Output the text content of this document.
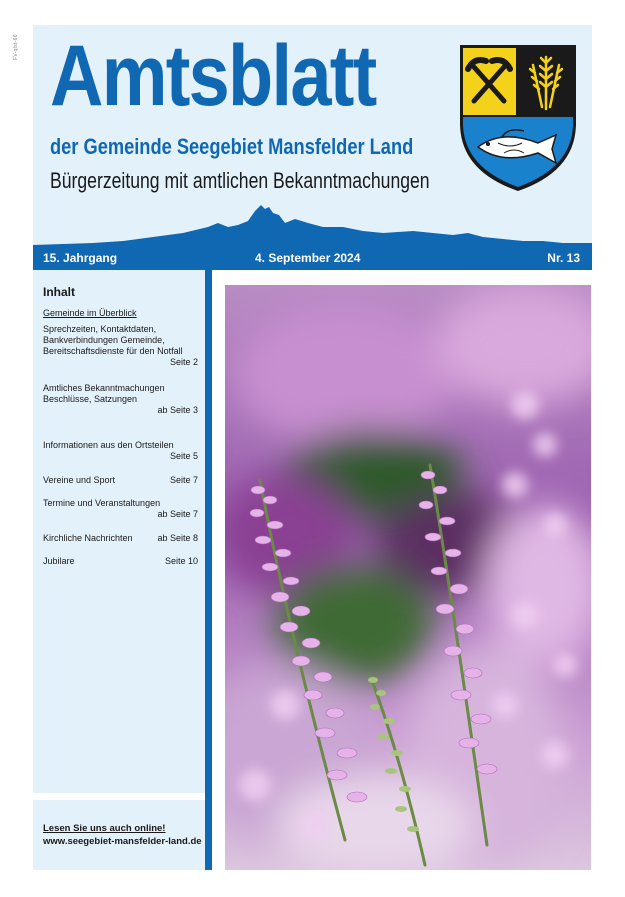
FV-qlst-66 Amtsblatt
der Gemeinde Seegebiet Mansfelder Land
Bürgerzeitung mit amtlichen Bekanntmachungen
15. Jahrgang	4. September 2024	Nr. 13
Inhalt
Gemeinde im Überblick
Sprechzeiten, Kontaktdaten, Bankverbindungen Gemeinde, Bereitschaftsdienste für den Notfall
Seite 2
Amtliches Bekanntmachungen Beschlüsse, Satzungen
ab Seite 3
Informationen aus den Ortsteilen
Seite 5
Vereine und Sport	Seite 7
Termine und Veranstaltungen
ab Seite 7
Kirchliche Nachrichten	ab Seite 8
Jubilare	Seite 10
Lesen Sie uns auch online!
www.seegebiet-mansfelder-land.de
